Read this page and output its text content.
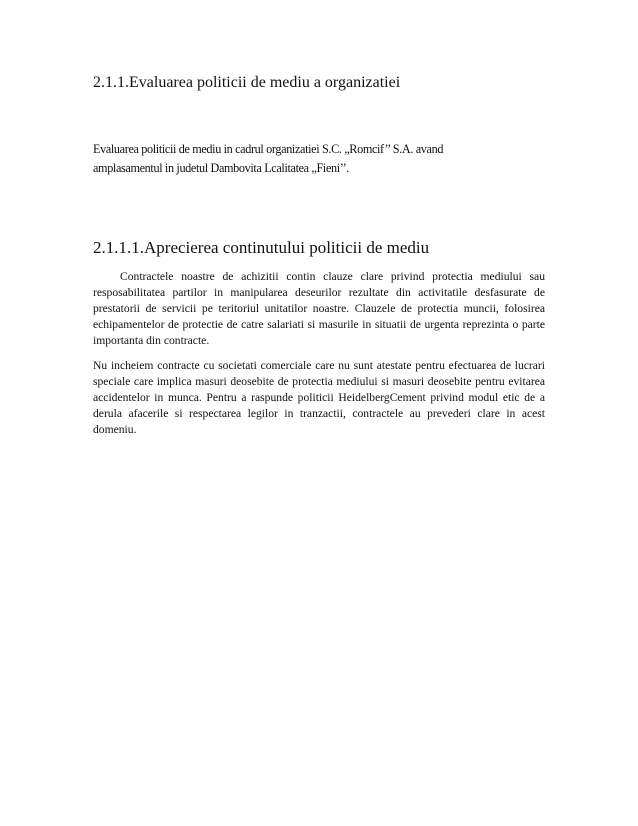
2.1.1.Evaluarea politicii de mediu a organizatiei

Evaluarea politicii de mediu in cadrul organizatiei S.C. „Romcif’’ S.A. avand
amplasamentul in judetul Dambovita Lcalitatea „Fieni’’.

2.1.1.1.Aprecierea continutului politicii de mediu

Contractele noastre de achizitii contin clauze clare privind protectia mediului sau resposabilitatea partilor in manipularea deseurilor rezultate din activitatile desfasurate de prestatorii de servicii pe teritoriul unitatilor noastre. Clauzele de protectia muncii, folosirea echipamentelor de protectie de catre salariati si masurile in situatii de urgenta reprezinta o parte importanta din contracte.

Nu incheiem contracte cu societati comerciale care nu sunt atestate pentru efectuarea de lucrari speciale care implica masuri deosebite de protectia mediului si masuri deosebite pentru evitarea accidentelor in munca. Pentru a raspunde politicii HeidelbergCement privind modul etic de a derula afacerile si respectarea legilor in tranzactii, contractele au prevederi clare in acest domeniu.
